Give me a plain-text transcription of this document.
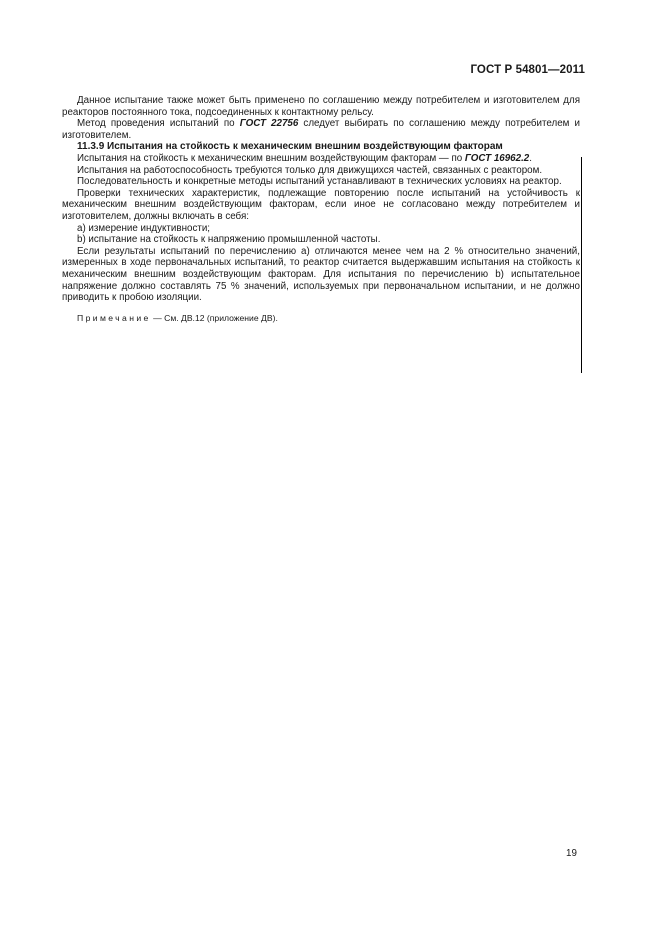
ГОСТ Р 54801—2011

Данное испытание также может быть применено по соглашению между потребителем и изготовителем для реакторов постоянного тока, подсоединенных к контактному рельсу.

Метод проведения испытаний по ГОСТ 22756 следует выбирать по соглашению между потребителем и изготовителем.

11.3.9 Испытания на стойкость к механическим внешним воздействующим факторам

Испытания на стойкость к механическим внешним воздействующим факторам — по ГОСТ 16962.2.

Испытания на работоспособность требуются только для движущихся частей, связанных с реактором.

Последовательность и конкретные методы испытаний устанавливают в технических условиях на реактор.

Проверки технических характеристик, подлежащие повторению после испытаний на устойчивость к механическим внешним воздействующим факторам, если иное не согласовано между потребителем и изготовителем, должны включать в себя:

a) измерение индуктивности;

b) испытание на стойкость к напряжению промышленной частоты.

Если результаты испытаний по перечислению a) отличаются менее чем на 2 % относительно значений, измеренных в ходе первоначальных испытаний, то реактор считается выдержавшим испытания на стойкость к механическим внешним воздействующим факторам. Для испытания по перечислению b) испытательное напряжение должно составлять 75 % значений, используемых при первоначальном испытании, и не должно приводить к пробою изоляции.

Примечание — См. ДВ.12 (приложение ДВ).

19
